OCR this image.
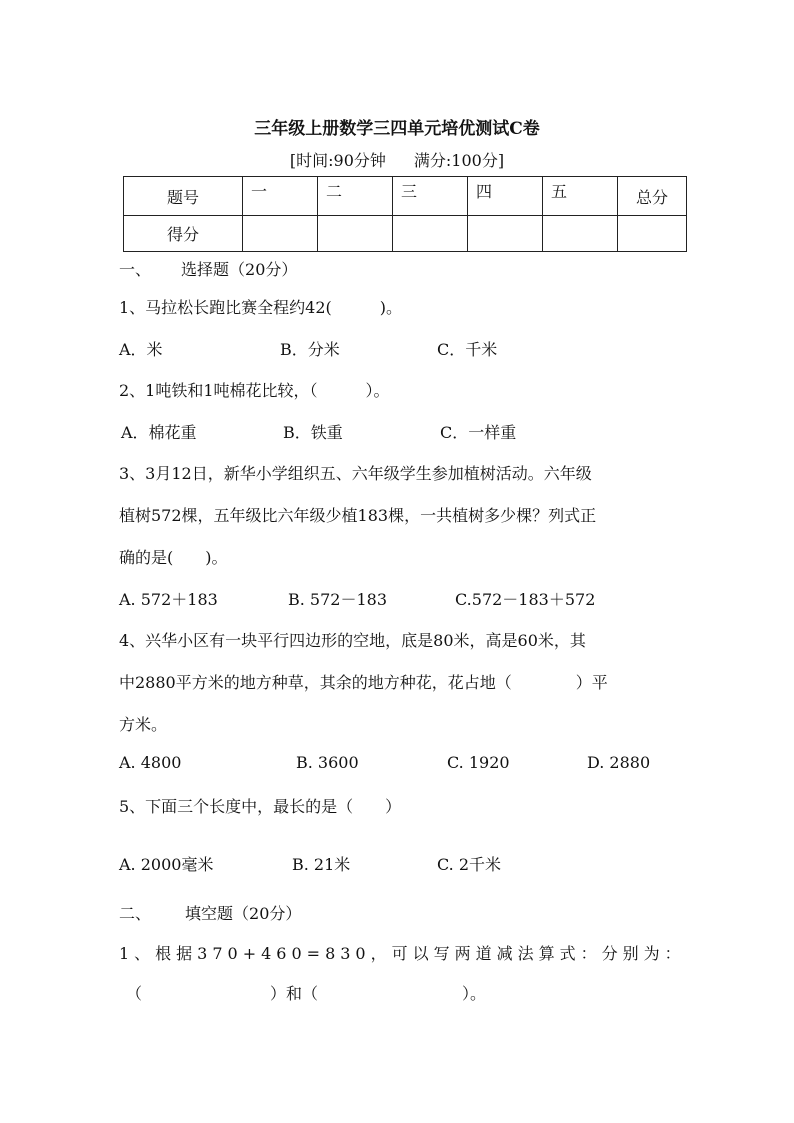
三年级上册数学三四单元培优测试C卷
[时间:90分钟 满分:100分]
题号	一	二	三	四	五	总分
得分						
一、 选择题（20分）
1、马拉松长跑比赛全程约42(　　　)。
A．米	B．分米	C．千米
2、1吨铁和1吨棉花比较，（　　　）。
A．棉花重	B．铁重	C．一样重
3、3月12日，新华小学组织五、六年级学生参加植树活动。六年级
植树572棵，五年级比六年级少植183棵，一共植树多少棵？列式正
确的是(　　)。
A. 572＋183	B. 572－183	C.572－183＋572
4、兴华小区有一块平行四边形的空地，底是80米，高是60米，其
中2880平方米的地方种草，其余的地方种花，花占地（　　　　）平
方米。
A. 4800	B. 3600	C. 1920	D. 2880
5、下面三个长度中，最长的是（　　）
A. 2000毫米	B. 21米	C. 2千米
二、 填空题（20分）
1、根据370+460=830，可以写两道减法算式：分别为：
（　　　　　　　　）和（　　　　　　　　　）。
